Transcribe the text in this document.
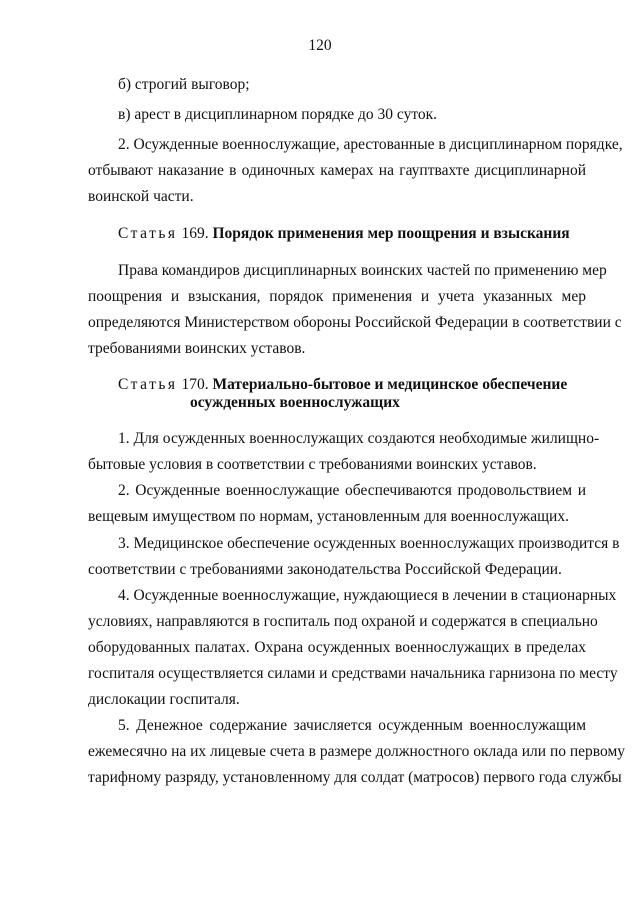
120
б) строгий выговор;
в) арест в дисциплинарном порядке до 30 суток.
2. Осужденные военнослужащие, арестованные в дисциплинарном порядке,
отбывают наказание в одиночных камерах на гауптвахте дисциплинарной
воинской части.
Статья 169. Порядок применения мер поощрения и взыскания
Права командиров дисциплинарных воинских частей по применению мер
поощрения и взыскания, порядок применения и учета указанных мер
определяются Министерством обороны Российской Федерации в соответствии с
требованиями воинских уставов.
Статья 170. Материально-бытовое и медицинское обеспечение
осужденных военнослужащих
1. Для осужденных военнослужащих создаются необходимые жилищно-
бытовые условия в соответствии с требованиями воинских уставов.
2. Осужденные военнослужащие обеспечиваются продовольствием и
вещевым имуществом по нормам, установленным для военнослужащих.
3. Медицинское обеспечение осужденных военнослужащих производится в
соответствии с требованиями законодательства Российской Федерации.
4. Осужденные военнослужащие, нуждающиеся в лечении в стационарных
условиях, направляются в госпиталь под охраной и содержатся в специально
оборудованных палатах. Охрана осужденных военнослужащих в пределах
госпиталя осуществляется силами и средствами начальника гарнизона по месту
дислокации госпиталя.
5. Денежное содержание зачисляется осужденным военнослужащим
ежемесячно на их лицевые счета в размере должностного оклада или по первому
тарифному разряду, установленному для солдат (матросов) первого года службы
